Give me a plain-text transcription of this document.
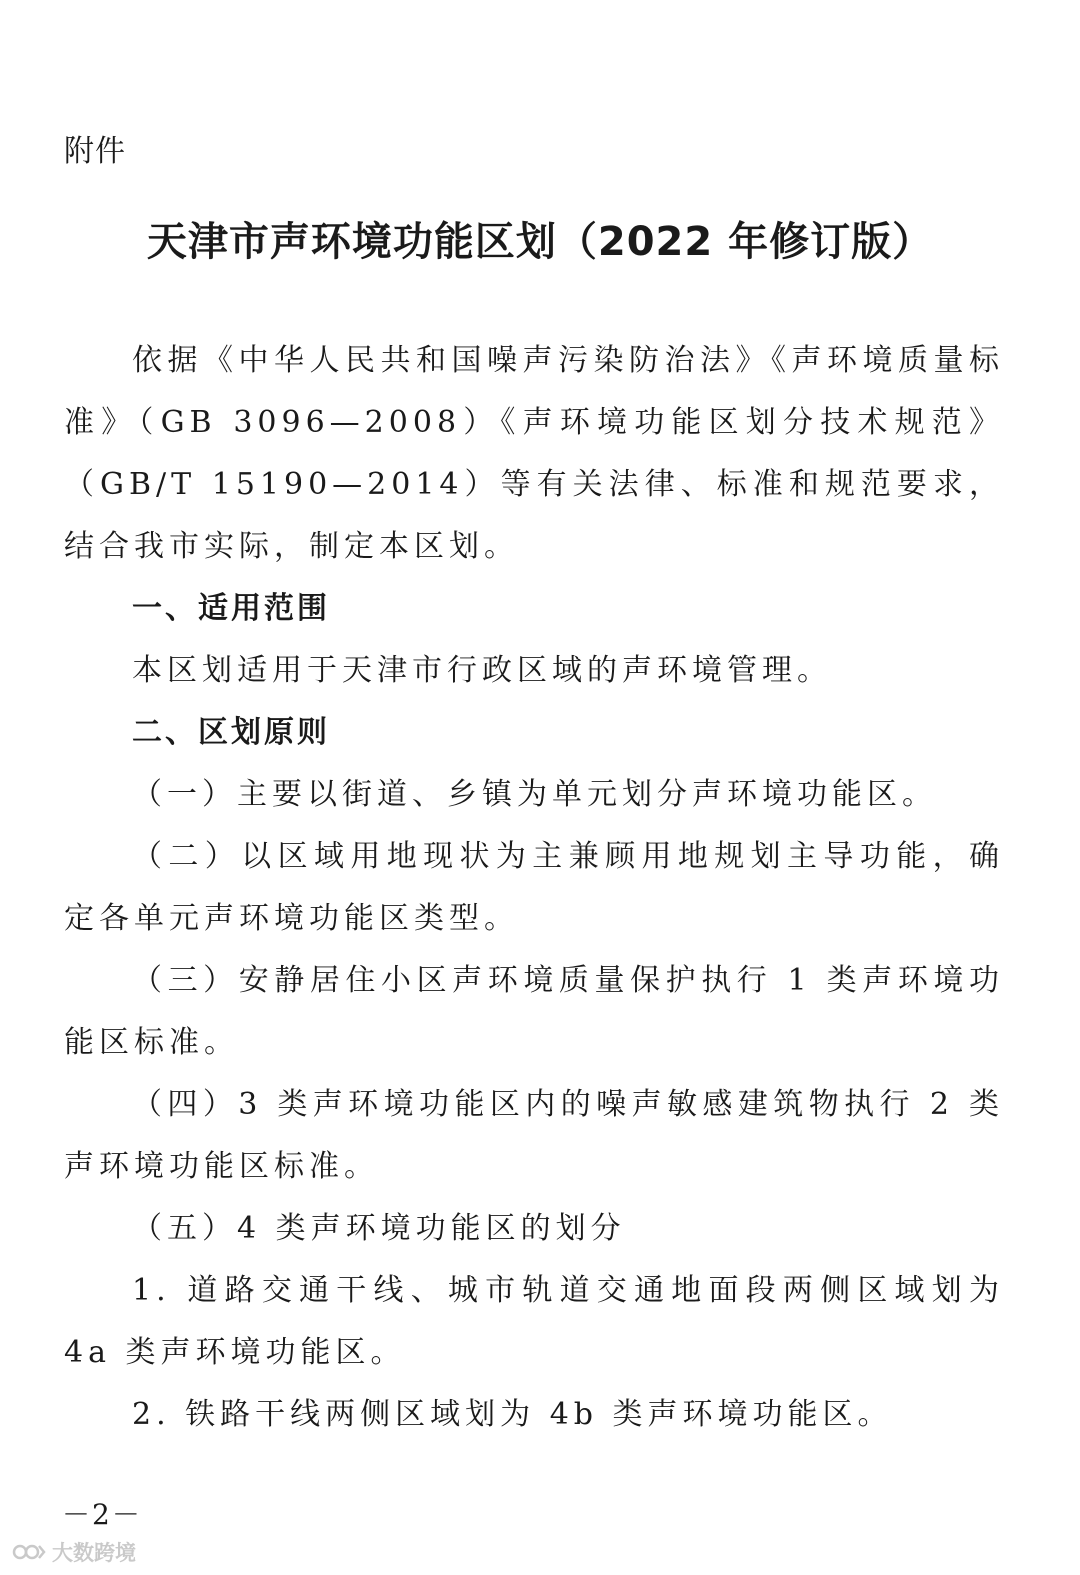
附件
天津市声环境功能区划（2022 年修订版）

依据《中华人民共和国噪声污染防治法》《声环境质量标准》（GB 3096—2008）《声环境功能区划分技术规范》（GB/T 15190—2014）等有关法律、标准和规范要求，结合我市实际，制定本区划。

一、适用范围

本区划适用于天津市行政区域的声环境管理。

二、区划原则

（一）主要以街道、乡镇为单元划分声环境功能区。

（二）以区域用地现状为主兼顾用地规划主导功能，确定各单元声环境功能区类型。

（三）安静居住小区声环境质量保护执行 1 类声环境功能区标准。

（四）3 类声环境功能区内的噪声敏感建筑物执行 2 类声环境功能区标准。

（五）4 类声环境功能区的划分

1. 道路交通干线、城市轨道交通地面段两侧区域划为 4a 类声环境功能区。

2. 铁路干线两侧区域划为 4b 类声环境功能区。

－2－
大数跨境
